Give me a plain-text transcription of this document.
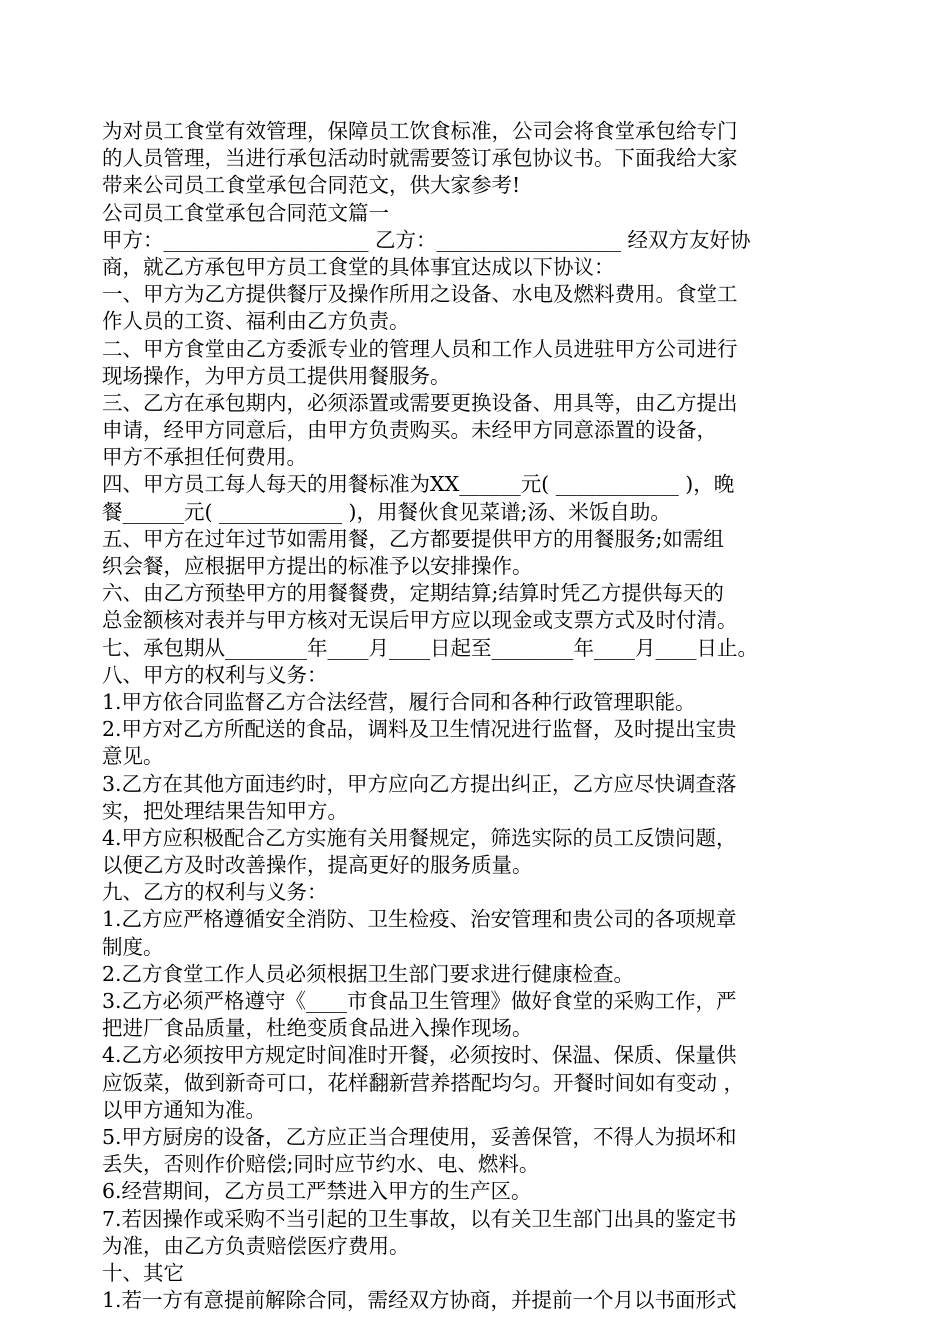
为对员工食堂有效管理，保障员工饮食标准，公司会将食堂承包给专门
的人员管理，当进行承包活动时就需要签订承包协议书。下面我给大家
带来公司员工食堂承包合同范文，供大家参考!
公司员工食堂承包合同范文篇一
甲方：____________________ 乙方：__________________ 经双方友好协
商，就乙方承包甲方员工食堂的具体事宜达成以下协议：
一、甲方为乙方提供餐厅及操作所用之设备、水电及燃料费用。食堂工
作人员的工资、福利由乙方负责。
二、甲方食堂由乙方委派专业的管理人员和工作人员进驻甲方公司进行
现场操作，为甲方员工提供用餐服务。
三、乙方在承包期内，必须添置或需要更换设备、用具等，由乙方提出
申请，经甲方同意后，由甲方负责购买。未经甲方同意添置的设备，
甲方不承担任何费用。
四、甲方员工每人每天的用餐标准为XX______元( ____________ )，晚
餐______元( ____________ )，用餐伙食见菜谱;汤、米饭自助。
五、甲方在过年过节如需用餐，乙方都要提供甲方的用餐服务;如需组
织会餐，应根据甲方提出的标准予以安排操作。
六、由乙方预垫甲方的用餐餐费，定期结算;结算时凭乙方提供每天的
总金额核对表并与甲方核对无误后甲方应以现金或支票方式及时付清。
七、承包期从________年____月____日起至________年____月____日止。
八、甲方的权利与义务：
1.甲方依合同监督乙方合法经营，履行合同和各种行政管理职能。
2.甲方对乙方所配送的食品，调料及卫生情况进行监督，及时提出宝贵
意见。
3.乙方在其他方面违约时，甲方应向乙方提出纠正，乙方应尽快调查落
实，把处理结果告知甲方。
4.甲方应积极配合乙方实施有关用餐规定，筛选实际的员工反馈问题，
以便乙方及时改善操作，提高更好的服务质量。
九、乙方的权利与义务：
1.乙方应严格遵循安全消防、卫生检疫、治安管理和贵公司的各项规章
制度。
2.乙方食堂工作人员必须根据卫生部门要求进行健康检查。
3.乙方必须严格遵守《____市食品卫生管理》做好食堂的采购工作，严
把进厂食品质量，杜绝变质食品进入操作现场。
4.乙方必须按甲方规定时间准时开餐，必须按时、保温、保质、保量供
应饭菜，做到新奇可口，花样翻新营养搭配均匀。开餐时间如有变动 ，
以甲方通知为准。
5.甲方厨房的设备，乙方应正当合理使用，妥善保管，不得人为损坏和
丢失，否则作价赔偿;同时应节约水、电、燃料。
6.经营期间，乙方员工严禁进入甲方的生产区。
7.若因操作或采购不当引起的卫生事故，以有关卫生部门出具的鉴定书
为准，由乙方负责赔偿医疗费用。
十、其它
1.若一方有意提前解除合同，需经双方协商，并提前一个月以书面形式
